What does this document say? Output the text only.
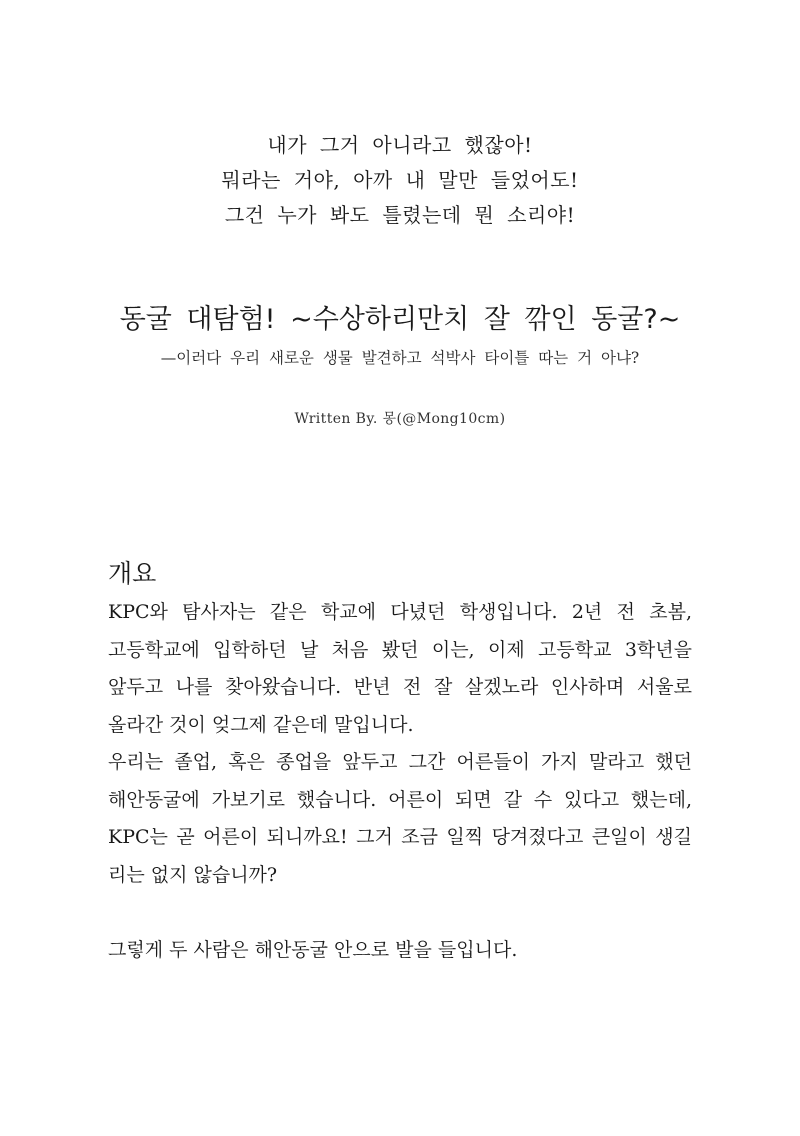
내가 그거 아니라고 했잖아!
뭐라는 거야, 아까 내 말만 들었어도!
그건 누가 봐도 틀렸는데 뭔 소리야!
동굴 대탐험! ~수상하리만치 잘 깎인 동굴?~
—이러다 우리 새로운 생물 발견하고 석박사 타이틀 따는 거 아냐?
Written By. 몽(@Mong10cm)
개요

KPC와 탐사자는 같은 학교에 다녔던 학생입니다. 2년 전 초봄, 고등학교에 입학하던 날 처음 봤던 이는, 이제 고등학교 3학년을 앞두고 나를 찾아왔습니다. 반년 전 잘 살겠노라 인사하며 서울로 올라간 것이 엊그제 같은데 말입니다.

우리는 졸업, 혹은 종업을 앞두고 그간 어른들이 가지 말라고 했던 해안동굴에 가보기로 했습니다. 어른이 되면 갈 수 있다고 했는데, KPC는 곧 어른이 되니까요! 그거 조금 일찍 당겨졌다고 큰일이 생길 리는 없지 않습니까?

그렇게 두 사람은 해안동굴 안으로 발을 들입니다.
